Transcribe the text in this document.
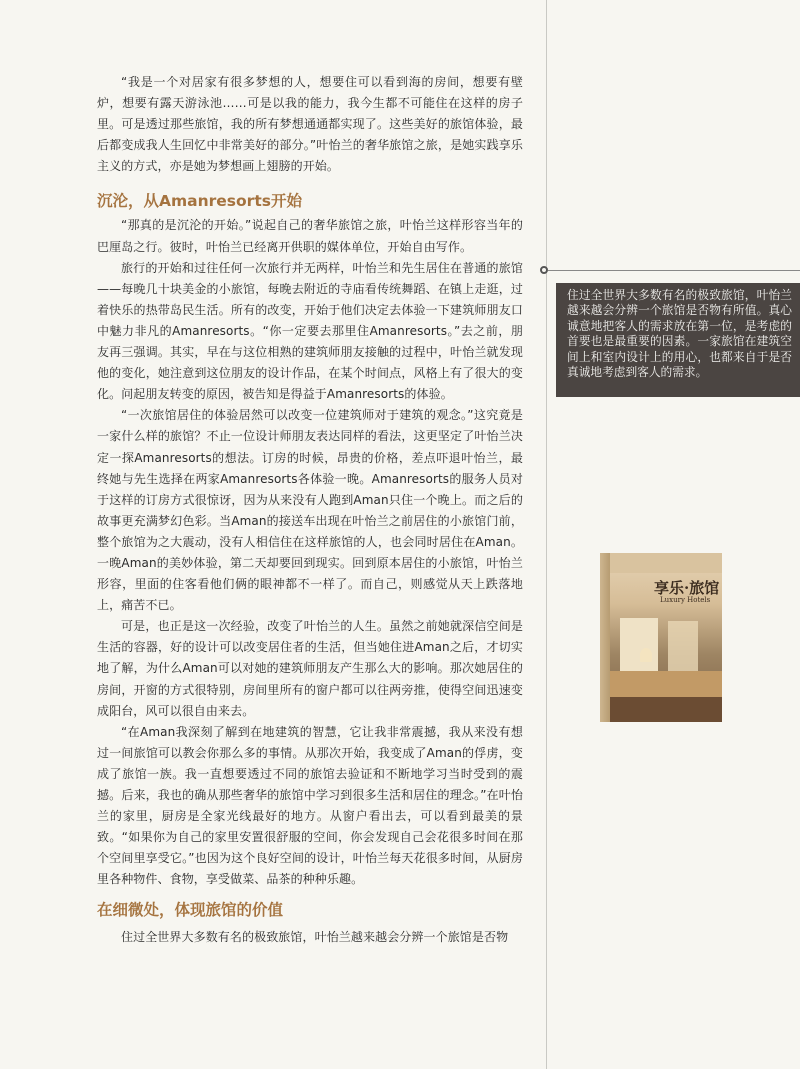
“我是一个对居家有很多梦想的人，想要住可以看到海的房间，想要有壁炉，想要有露天游泳池……可是以我的能力，我今生都不可能住在这样的房子里。可是透过那些旅馆，我的所有梦想通通都实现了。这些美好的旅馆体验，最后都变成我人生回忆中非常美好的部分。”叶怡兰的奢华旅馆之旅，是她实践享乐主义的方式，亦是她为梦想画上翅膀的开始。

沉沦，从Amanresorts开始

“那真的是沉沦的开始。”说起自己的奢华旅馆之旅，叶怡兰这样形容当年的巴厘岛之行。彼时，叶怡兰已经离开供职的媒体单位，开始自由写作。

旅行的开始和过往任何一次旅行并无两样，叶怡兰和先生居住在普通的旅馆——每晚几十块美金的小旅馆，每晚去附近的寺庙看传统舞蹈、在镇上走逛，过着快乐的热带岛民生活。所有的改变，开始于他们决定去体验一下建筑师朋友口中魅力非凡的Amanresorts。“你一定要去那里住Amanresorts。”去之前，朋友再三强调。其实，早在与这位相熟的建筑师朋友接触的过程中，叶怡兰就发现他的变化，她注意到这位朋友的设计作品，在某个时间点，风格上有了很大的变化。问起朋友转变的原因，被告知是得益于Amanresorts的体验。

“一次旅馆居住的体验居然可以改变一位建筑师对于建筑的观念。”这究竟是一家什么样的旅馆？不止一位设计师朋友表达同样的看法，这更坚定了叶怡兰决定一探Amanresorts的想法。订房的时候，昂贵的价格，差点吓退叶怡兰，最终她与先生选择在两家Amanresorts各体验一晚。Amanresorts的服务人员对于这样的订房方式很惊讶，因为从来没有人跑到Aman只住一个晚上。而之后的故事更充满梦幻色彩。当Aman的接送车出现在叶怡兰之前居住的小旅馆门前，整个旅馆为之大震动，没有人相信住在这样旅馆的人，也会同时居住在Aman。一晚Aman的美妙体验，第二天却要回到现实。回到原本居住的小旅馆，叶怡兰形容，里面的住客看他们俩的眼神都不一样了。而自己，则感觉从天上跌落地上，痛苦不已。

可是，也正是这一次经验，改变了叶怡兰的人生。虽然之前她就深信空间是生活的容器，好的设计可以改变居住者的生活，但当她住进Aman之后，才切实地了解，为什么Aman可以对她的建筑师朋友产生那么大的影响。那次她居住的房间，开窗的方式很特别，房间里所有的窗户都可以往两旁推，使得空间迅速变成阳台，风可以很自由来去。

“在Aman我深刻了解到在地建筑的智慧，它让我非常震撼，我从来没有想过一间旅馆可以教会你那么多的事情。从那次开始，我变成了Aman的俘虏，变成了旅馆一族。我一直想要透过不同的旅馆去验证和不断地学习当时受到的震撼。后来，我也的确从那些奢华的旅馆中学习到很多生活和居住的理念。”在叶怡兰的家里，厨房是全家光线最好的地方。从窗户看出去，可以看到最美的景致。“如果你为自己的家里安置很舒服的空间，你会发现自己会花很多时间在那个空间里享受它。”也因为这个良好空间的设计，叶怡兰每天花很多时间，从厨房里各种物件、食物，享受做菜、品茶的种种乐趣。

在细微处，体现旅馆的价值

住过全世界大多数有名的极致旅馆，叶怡兰越来越会分辨一个旅馆是否物

住过全世界大多数有名的极致旅馆，叶怡兰越来越会分辨一个旅馆是否物有所值。真心诚意地把客人的需求放在第一位，是考虑的首要也是最重要的因素。一家旅馆在建筑空间上和室内设计上的用心，也都来自于是否真诚地考虑到客人的需求。

享乐·旅馆
Luxury Hotels
